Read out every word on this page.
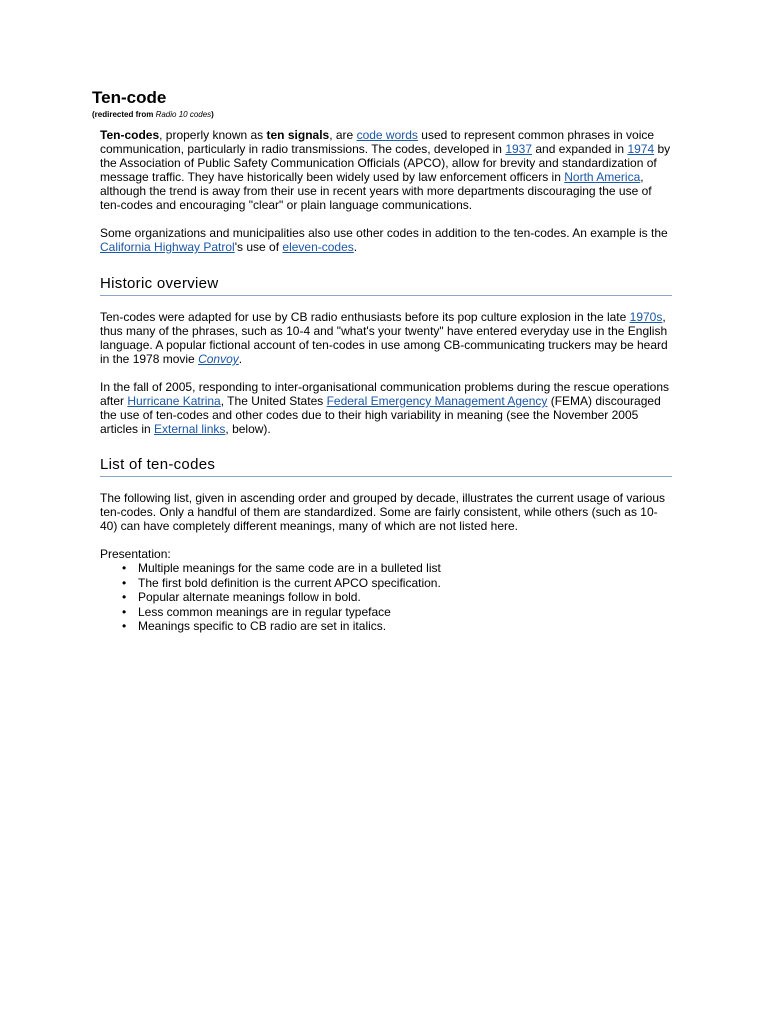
Ten-code
(redirected from Radio 10 codes)

Ten-codes, properly known as ten signals, are code words used to represent common phrases in voice communication, particularly in radio transmissions. The codes, developed in 1937 and expanded in 1974 by the Association of Public Safety Communication Officials (APCO), allow for brevity and standardization of message traffic. They have historically been widely used by law enforcement officers in North America, although the trend is away from their use in recent years with more departments discouraging the use of ten-codes and encouraging "clear" or plain language communications.

Some organizations and municipalities also use other codes in addition to the ten-codes. An example is the California Highway Patrol's use of eleven-codes.

Historic overview

Ten-codes were adapted for use by CB radio enthusiasts before its pop culture explosion in the late 1970s, thus many of the phrases, such as 10-4 and "what's your twenty" have entered everyday use in the English language. A popular fictional account of ten-codes in use among CB-communicating truckers may be heard in the 1978 movie Convoy.

In the fall of 2005, responding to inter-organisational communication problems during the rescue operations after Hurricane Katrina, The United States Federal Emergency Management Agency (FEMA) discouraged the use of ten-codes and other codes due to their high variability in meaning (see the November 2005 articles in External links, below).

List of ten-codes

The following list, given in ascending order and grouped by decade, illustrates the current usage of various ten-codes. Only a handful of them are standardized. Some are fairly consistent, while others (such as 10-40) can have completely different meanings, many of which are not listed here.

Presentation:

• Multiple meanings for the same code are in a bulleted list
• The first bold definition is the current APCO specification.
• Popular alternate meanings follow in bold.
• Less common meanings are in regular typeface
• Meanings specific to CB radio are set in italics.
